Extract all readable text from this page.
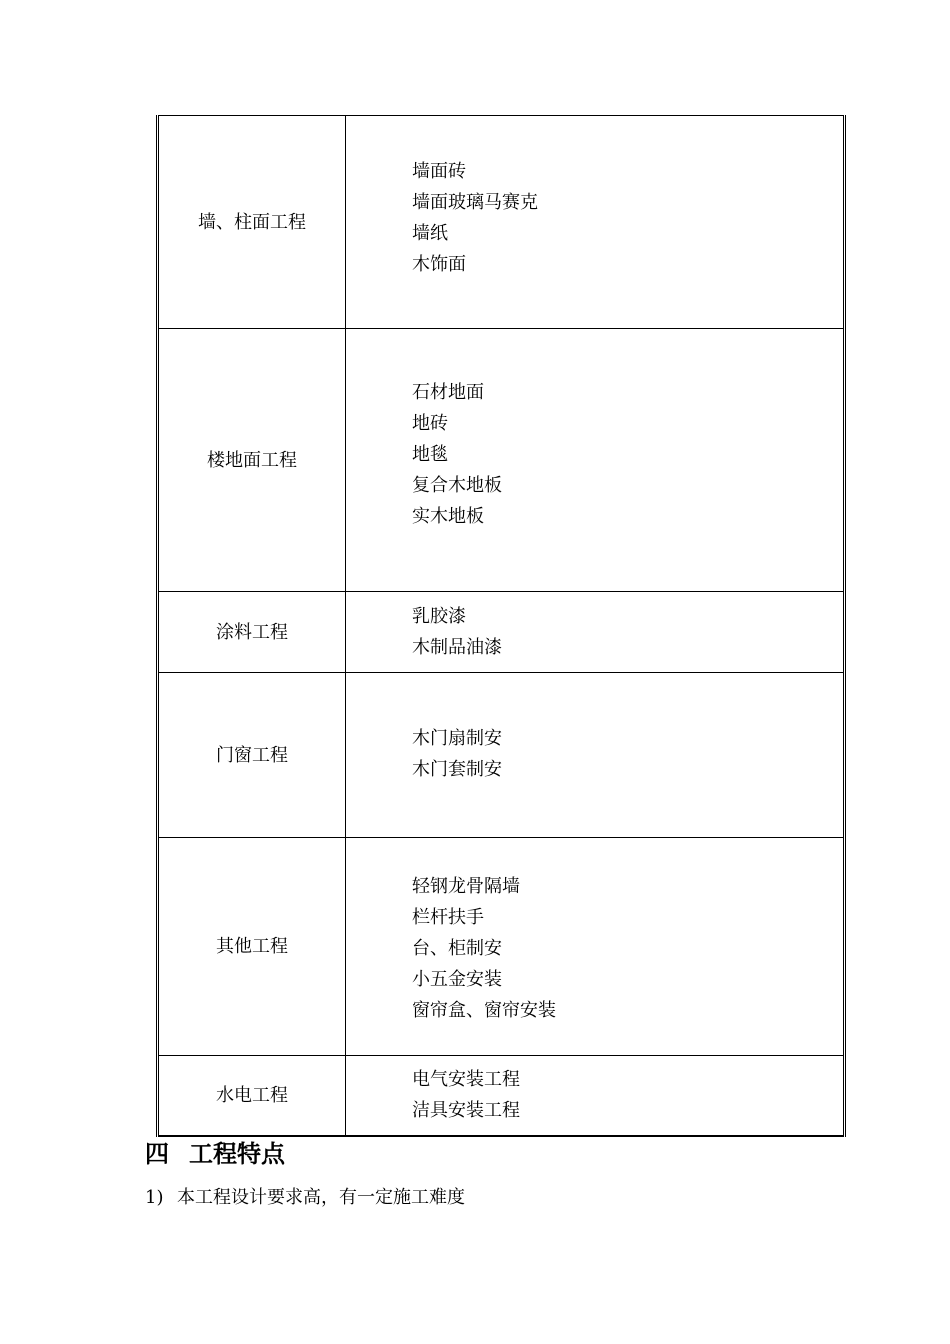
墙、柱面工程	墙面砖
墙面玻璃马赛克
墙纸
木饰面

楼地面工程	石材地面
地砖
地毯
复合木地板
实木地板

涂料工程	乳胶漆
木制品油漆

门窗工程	木门扇制安
木门套制安

其他工程	轻钢龙骨隔墙
栏杆扶手
台、柜制安
小五金安装
窗帘盒、窗帘安装

水电工程	电气安装工程
洁具安装工程
四 工程特点
1) 本工程设计要求高，有一定施工难度
